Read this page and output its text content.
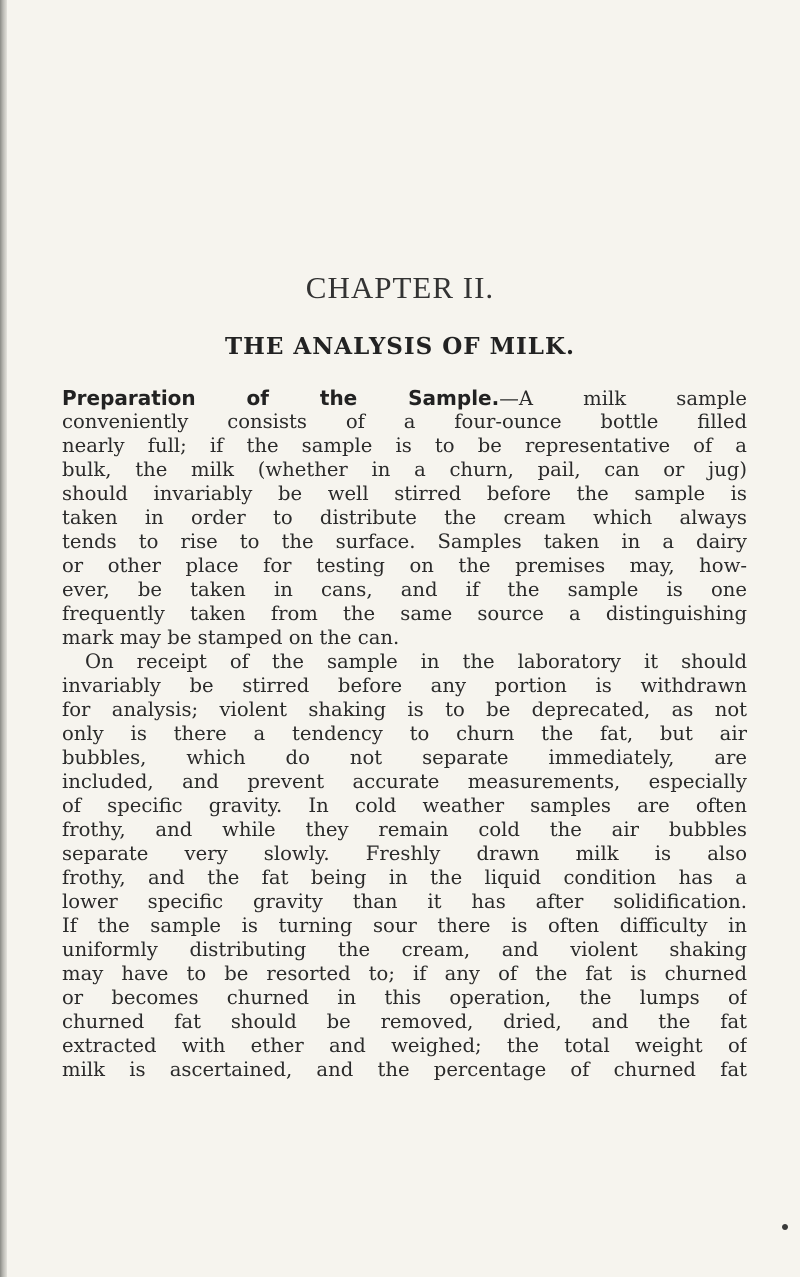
CHAPTER II.
THE ANALYSIS OF MILK.
Preparation of the Sample.—A milk sample
conveniently consists of a four-ounce bottle filled
nearly full; if the sample is to be representative of a
bulk, the milk (whether in a churn, pail, can or jug)
should invariably be well stirred before the sample is
taken in order to distribute the cream which always
tends to rise to the surface. Samples taken in a dairy
or other place for testing on the premises may, how-
ever, be taken in cans, and if the sample is one
frequently taken from the same source a distinguishing
mark may be stamped on the can.
On receipt of the sample in the laboratory it should
invariably be stirred before any portion is withdrawn
for analysis; violent shaking is to be deprecated, as not
only is there a tendency to churn the fat, but air
bubbles, which do not separate immediately, are
included, and prevent accurate measurements, especially
of specific gravity. In cold weather samples are often
frothy, and while they remain cold the air bubbles
separate very slowly. Freshly drawn milk is also
frothy, and the fat being in the liquid condition has a
lower specific gravity than it has after solidification.
If the sample is turning sour there is often difficulty in
uniformly distributing the cream, and violent shaking
may have to be resorted to; if any of the fat is churned
or becomes churned in this operation, the lumps of
churned fat should be removed, dried, and the fat
extracted with ether and weighed; the total weight of
milk is ascertained, and the percentage of churned fat
